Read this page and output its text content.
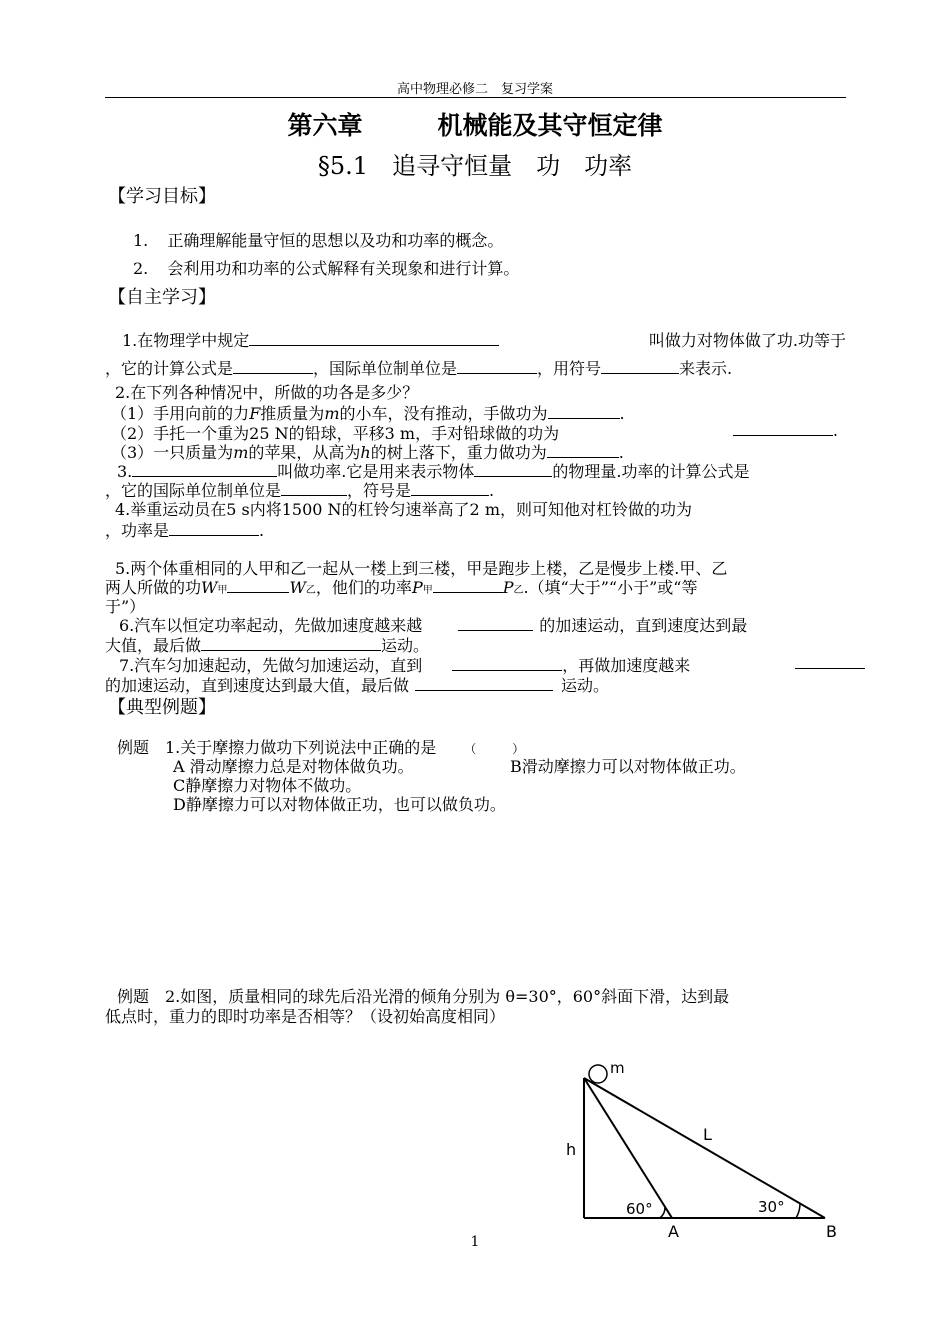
高中物理必修二　复习学案
第六章　　　机械能及其守恒定律
§5.1　追寻守恒量　功　功率
【学习目标】
1. 正确理解能量守恒的思想以及功和功率的概念。
2. 会利用功和功率的公式解释有关现象和进行计算。
【自主学习】
1.在物理学中规定	叫做力对物体做了功.功等于
，它的计算公式是	，国际单位制单位是	，用符号	来表示.
2.在下列各种情况中，所做的功各是多少？
（1）手用向前的力F推质量为m的小车，没有推动，手做功为	.
（2）手托一个重为25 N的铅球，平移3 m，手对铅球做的功为	.
（3）一只质量为m的苹果，从高为h的树上落下，重力做功为	.
3.	叫做功率.它是用来表示物体	的物理量.功率的计算公式是
，它的国际单位制单位是	，符号是	.
4.举重运动员在5 s内将1500 N的杠铃匀速举高了2 m，则可知他对杠铃做的功为
，功率是	.
5.两个体重相同的人甲和乙一起从一楼上到三楼，甲是跑步上楼，乙是慢步上楼.甲、乙
两人所做的功W甲	W乙，他们的功率P甲	P乙.（填“大于”“小于”或“等
于”）
6.汽车以恒定功率起动，先做加速度越来越	的加速运动，直到速度达到最
大值，最后做	运动。
7.汽车匀加速起动，先做匀加速运动，直到	，再做加速度越来
的加速运动，直到速度达到最大值，最后做	运动。
【典型例题】
例题　1.关于摩擦力做功下列说法中正确的是 （　　　）
A 滑动摩擦力总是对物体做负功。	B滑动摩擦力可以对物体做正功。
C静摩擦力对物体不做功。
D静摩擦力可以对物体做正功，也可以做负功。
例题　2.如图，质量相同的球先后沿光滑的倾角分别为 θ=30°，60°斜面下滑，达到最
低点时，重力的即时功率是否相等？（设初始高度相同）
m
h
L
60°	30°
A	B
1
